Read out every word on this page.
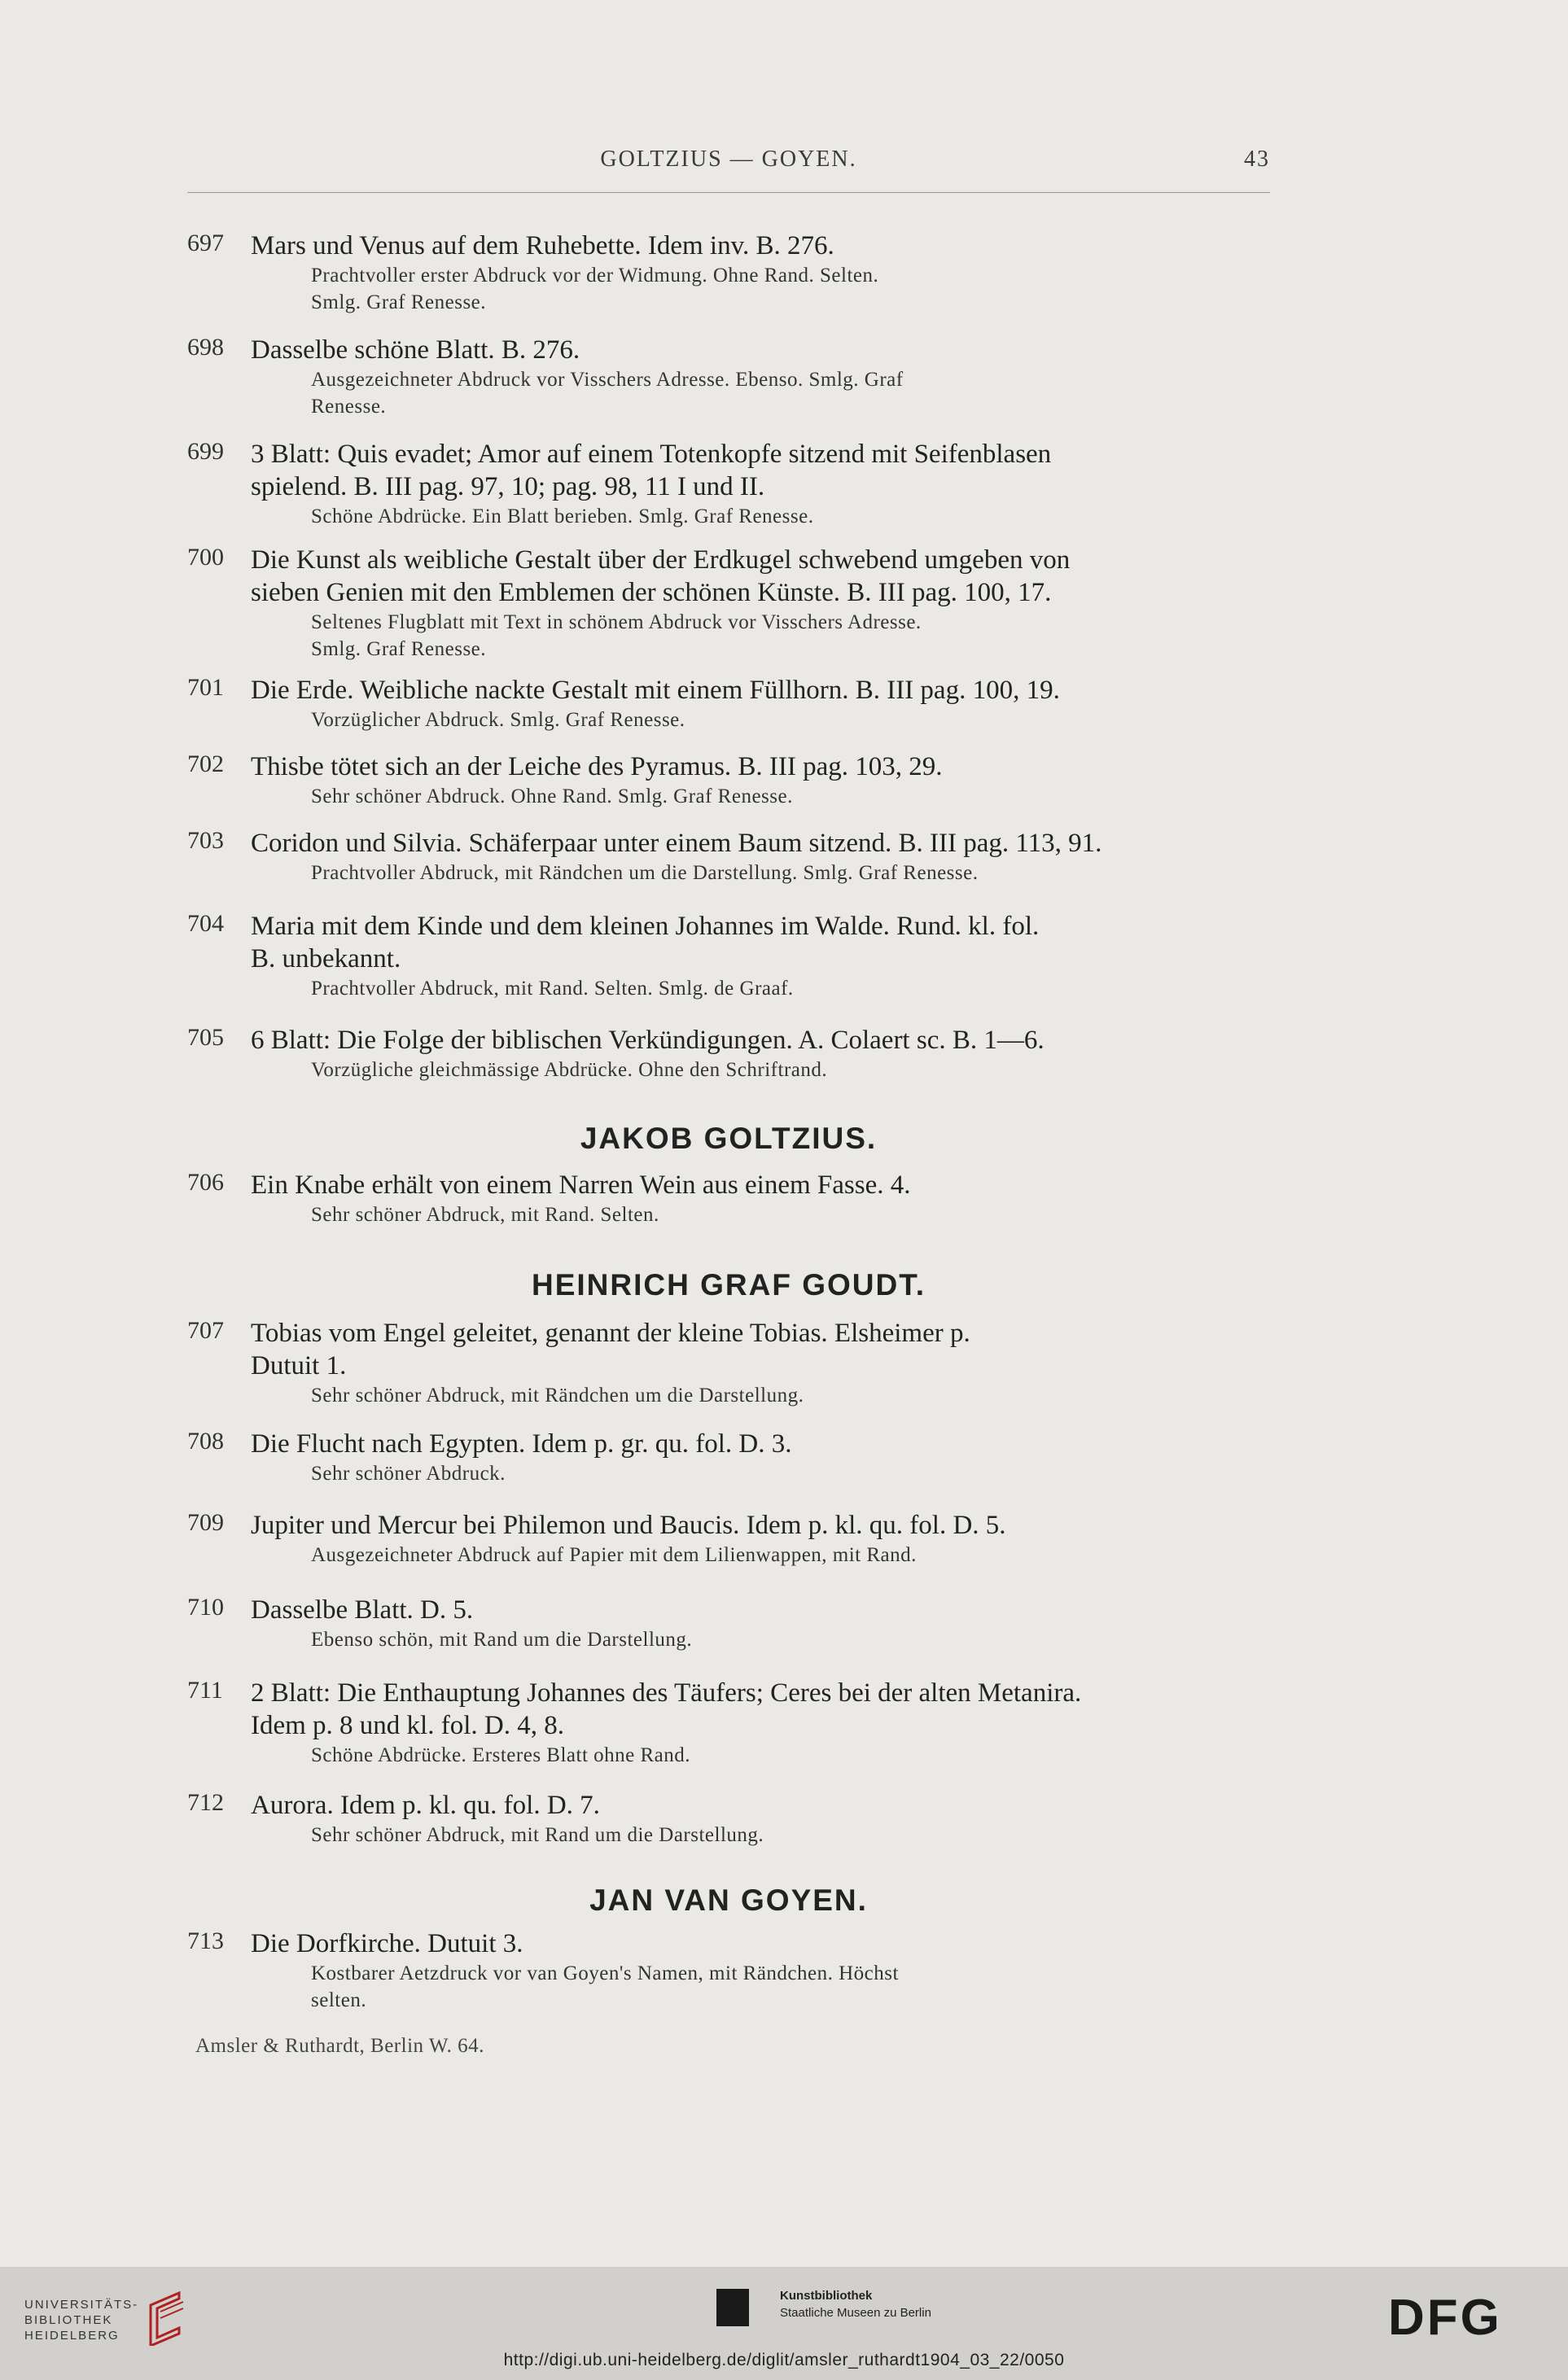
GOLTZIUS — GOYEN.	43
697 Mars und Venus auf dem Ruhebette. Idem inv. B. 276.
Prachtvoller erster Abdruck vor der Widmung. Ohne Rand. Selten.
Smlg. Graf Renesse.
698 Dasselbe schöne Blatt. B. 276.
Ausgezeichneter Abdruck vor Visschers Adresse. Ebenso. Smlg. Graf
Renesse.
699 3 Blatt: Quis evadet; Amor auf einem Totenkopfe sitzend mit Seifenblasen
spielend. B. III pag. 97, 10; pag. 98, 11 I und II.
Schöne Abdrücke. Ein Blatt berieben. Smlg. Graf Renesse.
700 Die Kunst als weibliche Gestalt über der Erdkugel schwebend umgeben von
sieben Genien mit den Emblemen der schönen Künste. B. III pag. 100, 17.
Seltenes Flugblatt mit Text in schönem Abdruck vor Visschers Adresse.
Smlg. Graf Renesse.
701 Die Erde. Weibliche nackte Gestalt mit einem Füllhorn. B. III pag. 100, 19.
Vorzüglicher Abdruck. Smlg. Graf Renesse.
702 Thisbe tötet sich an der Leiche des Pyramus. B. III pag. 103, 29.
Sehr schöner Abdruck. Ohne Rand. Smlg. Graf Renesse.
703 Coridon und Silvia. Schäferpaar unter einem Baum sitzend. B. III pag. 113, 91.
Prachtvoller Abdruck, mit Rändchen um die Darstellung. Smlg. Graf Renesse.
704 Maria mit dem Kinde und dem kleinen Johannes im Walde. Rund. kl. fol.
B. unbekannt.
Prachtvoller Abdruck, mit Rand. Selten. Smlg. de Graaf.
705 6 Blatt: Die Folge der biblischen Verkündigungen. A. Colaert sc. B. 1—6.
Vorzügliche gleichmässige Abdrücke. Ohne den Schriftrand.
JAKOB GOLTZIUS.
706 Ein Knabe erhält von einem Narren Wein aus einem Fasse. 4.
Sehr schöner Abdruck, mit Rand. Selten.
HEINRICH GRAF GOUDT.
707 Tobias vom Engel geleitet, genannt der kleine Tobias. Elsheimer p.
Dutuit 1.
Sehr schöner Abdruck, mit Rändchen um die Darstellung.
708 Die Flucht nach Egypten. Idem p. gr. qu. fol. D. 3.
Sehr schöner Abdruck.
709 Jupiter und Mercur bei Philemon und Baucis. Idem p. kl. qu. fol. D. 5.
Ausgezeichneter Abdruck auf Papier mit dem Lilienwappen, mit Rand.
710 Dasselbe Blatt. D. 5.
Ebenso schön, mit Rand um die Darstellung.
711 2 Blatt: Die Enthauptung Johannes des Täufers; Ceres bei der alten Metanira.
Idem p. 8 und kl. fol. D. 4, 8.
Schöne Abdrücke. Ersteres Blatt ohne Rand.
712 Aurora. Idem p. kl. qu. fol. D. 7.
Sehr schöner Abdruck, mit Rand um die Darstellung.
JAN VAN GOYEN.
713 Die Dorfkirche. Dutuit 3.
Kostbarer Aetzdruck vor van Goyen's Namen, mit Rändchen. Höchst
selten.
Amsler & Ruthardt, Berlin W. 64.
UNIVERSITÄTS-
BIBLIOTHEK
HEIDELBERG
Kunstbibliothek
Staatliche Museen zu Berlin	DFG
http://digi.ub.uni-heidelberg.de/diglit/amsler_ruthardt1904_03_22/0050
